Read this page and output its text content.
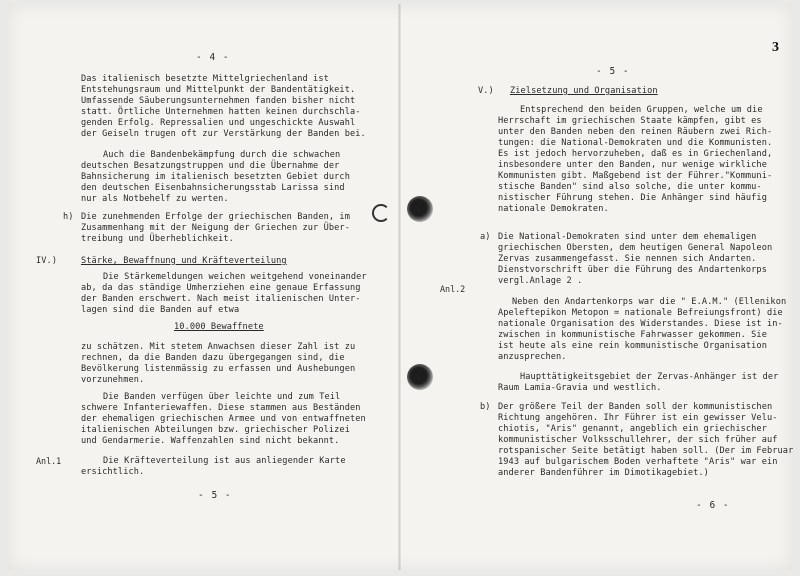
3
- 4 -
Das italienisch besetzte Mittelgriechenland ist
Entstehungsraum und Mittelpunkt der Bandentätigkeit.
Umfassende Säuberungsunternehmen fanden bisher nicht
statt. Örtliche Unternehmen hatten keinen durchschla-
genden Erfolg. Repressalien und ungeschickte Auswahl
der Geiseln trugen oft zur Verstärkung der Banden bei.
Auch die Bandenbekämpfung durch die schwachen
deutschen Besatzungstruppen und die Übernahme der
Bahnsicherung im italienisch besetzten Gebiet durch
den deutschen Eisenbahnsicherungsstab Larissa sind
nur als Notbehelf zu werten.
h) Die zunehmenden Erfolge der griechischen Banden, im
Zusammenhang mit der Neigung der Griechen zur Über-
treibung und Überheblichkeit.
IV.)	Stärke, Bewaffnung und Kräfteverteilung
Die Stärkemeldungen weichen weitgehend voneinander
ab, da das ständige Umherziehen eine genaue Erfassung
der Banden erschwert. Nach meist italienischen Unter-
lagen sind die Banden auf etwa
10.000 Bewaffnete
zu schätzen. Mit stetem Anwachsen dieser Zahl ist zu
rechnen, da die Banden dazu übergegangen sind, die
Bevölkerung listenmässig zu erfassen und Aushebungen
vorzunehmen.
Die Banden verfügen über leichte und zum Teil
schwere Infanteriewaffen. Diese stammen aus Beständen
der ehemaligen griechischen Armee und von entwaffneten
italienischen Abteilungen bzw. griechischer Polizei
und Gendarmerie. Waffenzahlen sind nicht bekannt.
Anl.1	Die Kräfteverteilung ist aus anliegender Karte
ersichtlich.
- 5 -
- 5 -
V.) Zielsetzung und Organisation
Entsprechend den beiden Gruppen, welche um die
Herrschaft im griechischen Staate kämpfen, gibt es
unter den Banden neben den reinen Räubern zwei Rich-
tungen: die National-Demokraten und die Kommunisten.
Es ist jedoch hervorzuheben, daß es in Griechenland,
insbesondere unter den Banden, nur wenige wirkliche
Kommunisten gibt. Maßgebend ist der Führer."Kommuni-
stische Banden" sind also solche, die unter kommu-
nistischer Führung stehen. Die Anhänger sind häufig
nationale Demokraten.
a) Die National-Demokraten sind unter dem ehemaligen
griechischen Obersten, dem heutigen General Napoleon
Zervas zusammengefasst. Sie nennen sich Andarten.
Dienstvorschrift über die Führung des Andartenkorps
vergl.Anlage 2 .
Anl.2
Neben den Andartenkorps war die " E.A.M." (Ellenikon
Apeleftерikon Metopon = nationale Befreiungsfront) die
nationale Organisation des Widerstandes. Diese ist in-
zwischen in kommunistische Fahrwasser gekommen. Sie
ist heute als eine rein kommunistische Organisation
anzusprechen.
Haupttätigkeitsgebiet der Zervas-Anhänger ist der
Raum Lamia-Gravia und westlich.
b) Der größere Teil der Banden soll der kommunistischen
Richtung angehören. Ihr Führer ist ein gewisser Velu-
chiotis, "Aris" genannt, angeblich ein griechischer
kommunistischer Volksschullehrer, der sich früher auf
rotspanischer Seite betätigt haben soll. (Der im Februar
1943 auf bulgarischem Boden verhaftete "Aris" war ein
anderer Bandenführer im Dimotikagebiet.)
- 6 -
